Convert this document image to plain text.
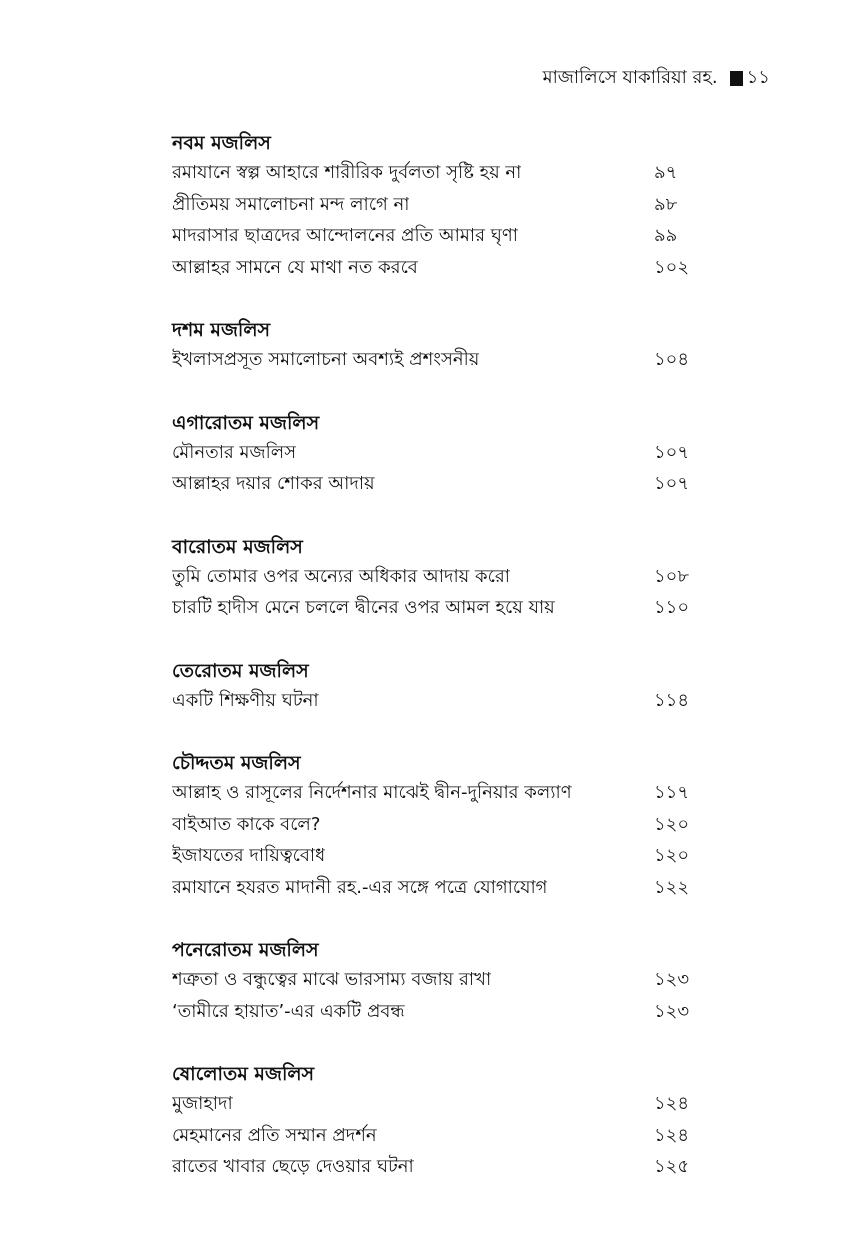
মাজালিসে যাকারিয়া রহ. ১১
নবম মজলিস
রমাযানে স্বল্প আহারে শারীরিক দুর্বলতা সৃষ্টি হয় না	৯৭
প্রীতিময় সমালোচনা মন্দ লাগে না	৯৮
মাদরাসার ছাত্রদের আন্দোলনের প্রতি আমার ঘৃণা	৯৯
আল্লাহর সামনে যে মাথা নত করবে	১০২
দশম মজলিস
ইখলাসপ্রসূত সমালোচনা অবশ্যই প্রশংসনীয়	১০৪
এগারোতম মজলিস
মৌনতার মজলিস	১০৭
আল্লাহর দয়ার শোকর আদায়	১০৭
বারোতম মজলিস
তুমি তোমার ওপর অন্যের অধিকার আদায় করো	১০৮
চারটি হাদীস মেনে চললে দ্বীনের ওপর আমল হয়ে যায়	১১০
তেরোতম মজলিস
একটি শিক্ষণীয় ঘটনা	১১৪
চৌদ্দতম মজলিস
আল্লাহ ও রাসূলের নির্দেশনার মাঝেই দ্বীন-দুনিয়ার কল্যাণ	১১৭
বাইআত কাকে বলে?	১২০
ইজাযতের দায়িত্ববোধ	১২০
রমাযানে হযরত মাদানী রহ.-এর সঙ্গে পত্রে যোগাযোগ	১২২
পনেরোতম মজলিস
শত্রুতা ও বন্ধুত্বের মাঝে ভারসাম্য বজায় রাখা	১২৩
‘তামীরে হায়াত’-এর একটি প্রবন্ধ	১২৩
ষোলোতম মজলিস
মুজাহাদা	১২৪
মেহমানের প্রতি সম্মান প্রদর্শন	১২৪
রাতের খাবার ছেড়ে দেওয়ার ঘটনা	১২৫
